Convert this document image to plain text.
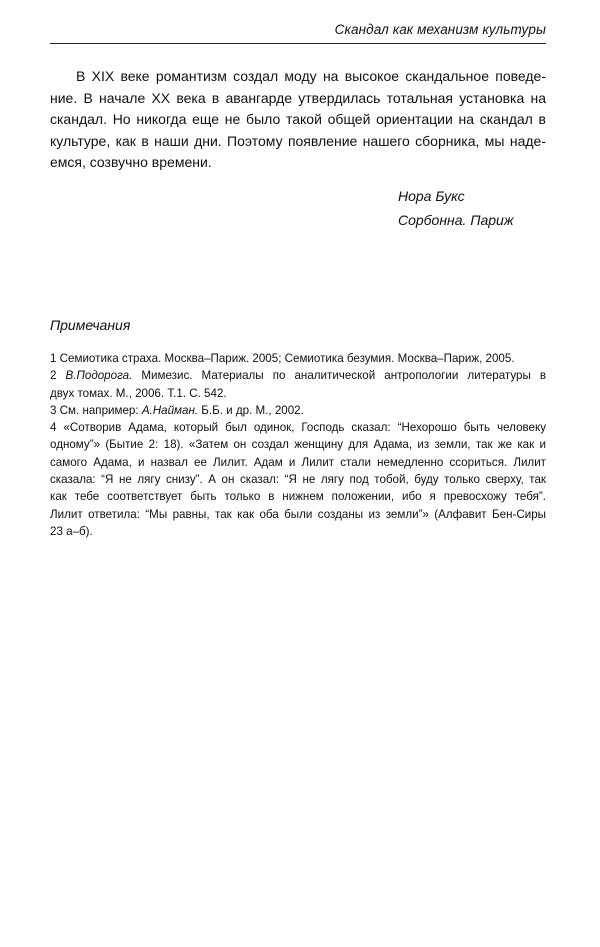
Скандал как механизм культуры
В XIX веке романтизм создал моду на высокое скандальное поведе-
ние. В начале XX века в авангарде утвердилась тотальная установка на
скандал. Но никогда еще не было такой общей ориентации на скандал в
культуре, как в наши дни. Поэтому появление нашего сборника, мы наде-
емся, созвучно времени.
Нора Букс
Сорбонна. Париж
Примечания
1 Семиотика страха. Москва–Париж. 2005; Семиотика безумия. Москва–Париж, 2005.
2 В.Подорога. Мимезис. Материалы по аналитической антропологии литературы в
двух томах. М., 2006. Т.1. С. 542.
3 См. например: А.Найман. Б.Б. и др. М., 2002.
4 «Сотворив Адама, который был одинок, Господь сказал: “Нехорошо быть человеку
одному”» (Бытие 2: 18). «Затем он создал женщину для Адама, из земли, так же как и
самого Адама, и назвал ее Лилит. Адам и Лилит стали немедленно ссориться. Лилит
сказала: “Я не лягу снизу”. А он сказал: “Я не лягу под тобой, буду только сверху, так
как тебе соответствует быть только в нижнем положении, ибо я превосхожу тебя”.
Лилит ответила: “Мы равны, так как оба были созданы из земли”» (Алфавит Бен-Сиры
23 а–б).
